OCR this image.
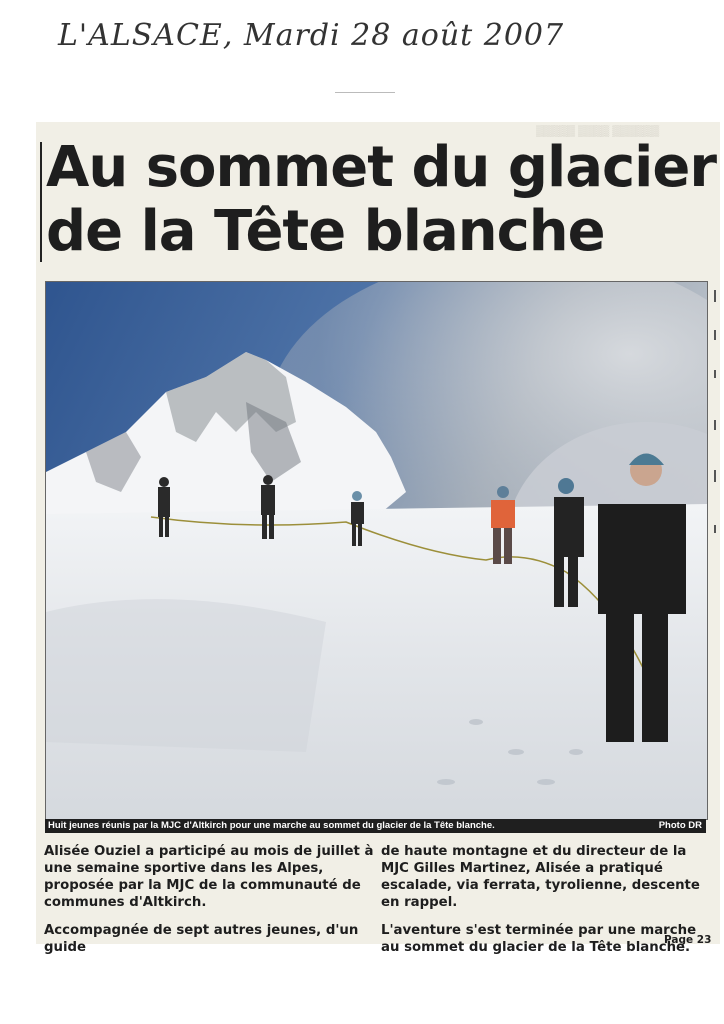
L'ALSACE, Mardi 28 août 2007
▒▒▒▒▒ ▒▒▒▒ ▒▒▒▒▒▒
Au sommet du glacier
de la Tête blanche
Huit jeunes réunis par la MJC d'Altkirch pour une marche au sommet du glacier de la Tête blanche.	Photo DR

Alisée Ouziel a participé au mois de juillet à une semaine sportive dans les Alpes, proposée par la MJC de la communauté de communes d'Altkirch.

Accompagnée de sept autres jeunes, d'un guide

de haute montagne et du directeur de la MJC Gilles Martinez, Alisée a pratiqué escalade, via ferrata, tyrolienne, descente en rappel.

L'aventure s'est terminée par une marche au sommet du glacier de la Tête blanche.

Page 23
